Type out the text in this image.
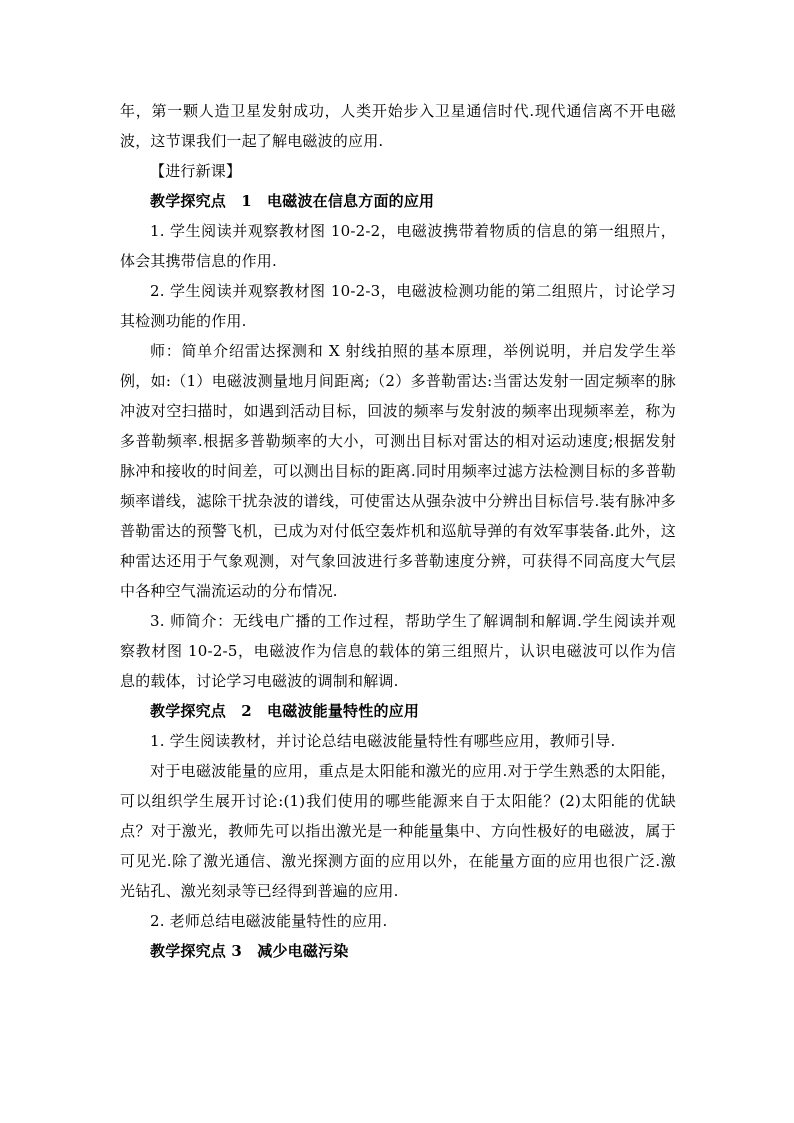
年，第一颗人造卫星发射成功，人类开始步入卫星通信时代.现代通信离不开电磁波，这节课我们一起了解电磁波的应用.

【进行新课】

教学探究点　1　电磁波在信息方面的应用

1. 学生阅读并观察教材图 10-2-2，电磁波携带着物质的信息的第一组照片，体会其携带信息的作用.

2. 学生阅读并观察教材图 10-2-3，电磁波检测功能的第二组照片，讨论学习其检测功能的作用.

师：简单介绍雷达探测和 X 射线拍照的基本原理，举例说明，并启发学生举例，如:（1）电磁波测量地月间距离;（2）多普勒雷达:当雷达发射一固定频率的脉冲波对空扫描时，如遇到活动目标，回波的频率与发射波的频率出现频率差，称为多普勒频率.根据多普勒频率的大小，可测出目标对雷达的相对运动速度;根据发射脉冲和接收的时间差，可以测出目标的距离.同时用频率过滤方法检测目标的多普勒频率谱线，滤除干扰杂波的谱线，可使雷达从强杂波中分辨出目标信号.装有脉冲多普勒雷达的预警飞机，已成为对付低空轰炸机和巡航导弹的有效军事装备.此外，这种雷达还用于气象观测，对气象回波进行多普勒速度分辨，可获得不同高度大气层中各种空气湍流运动的分布情况.

3. 师简介：无线电广播的工作过程，帮助学生了解调制和解调.学生阅读并观察教材图 10-2-5，电磁波作为信息的载体的第三组照片，认识电磁波可以作为信息的载体，讨论学习电磁波的调制和解调.

教学探究点　2　电磁波能量特性的应用

1. 学生阅读教材，并讨论总结电磁波能量特性有哪些应用，教师引导.

对于电磁波能量的应用，重点是太阳能和激光的应用.对于学生熟悉的太阳能，可以组织学生展开讨论:(1)我们使用的哪些能源来自于太阳能？(2)太阳能的优缺点？对于激光，教师先可以指出激光是一种能量集中、方向性极好的电磁波，属于可见光.除了激光通信、激光探测方面的应用以外，在能量方面的应用也很广泛.激光钻孔、激光刻录等已经得到普遍的应用.

2. 老师总结电磁波能量特性的应用.

教学探究点 3　减少电磁污染
